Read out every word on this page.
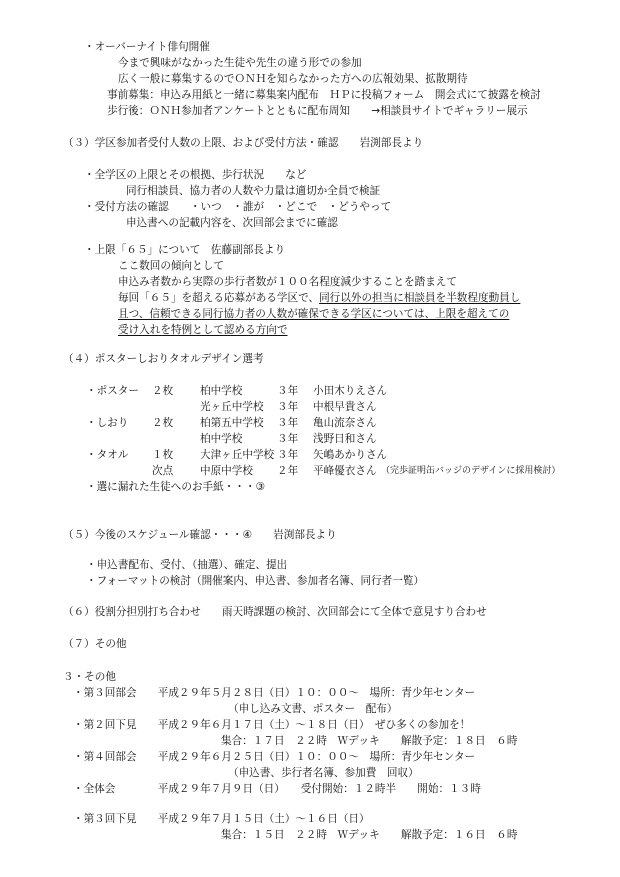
・オーバーナイト俳句開催
今まで興味がなかった生徒や先生の違う形での参加
広く一般に募集するのでＯＮＨを知らなかった方への広報効果、拡散期待
事前募集：申込み用紙と一緒に募集案内配布　ＨＰに投稿フォーム　開会式にて披露を検討
歩行後：ＯＮＨ参加者アンケートとともに配布周知　　→相談員サイトでギャラリー展示
（３）学区参加者受付人数の上限、および受付方法・確認　　岩渕部長より
・全学区の上限とその根拠、歩行状況　　など
同行相談員、協力者の人数や力量は適切か全員で検証
・受付方法の確認　　・いつ　・誰が　・どこで　・どうやって
申込書への記載内容を、次回部会までに確認
・上限「６５」について　佐藤副部長より
ここ数回の傾向として
申込み者数から実際の歩行者数が１００名程度減少することを踏まえて
毎回「６５」を超える応募がある学区で、同行以外の担当に相談員を半数程度動員し
且つ、信頼できる同行協力者の人数が確保できる学区については、上限を超えての
受け入れを特例として認める方向で
（４）ポスターしおりタオルデザイン選考
・ポスター ２枚	柏中学校	３年 小田木りえさん
光ヶ丘中学校 ３年 中根早貴さん
・しおり ２枚	柏第五中学校 ３年 亀山流奈さん
柏中学校	３年 浅野日和さん
・タオル １枚	大津ヶ丘中学校 ３年 矢嶋あかりさん
次点	中原中学校 ２年 平峰優衣さん （完歩証明缶バッジのデザインに採用検討）
・選に漏れた生徒へのお手紙・・・③
（５）今後のスケジュール確認・・・④　　岩渕部長より
・申込書配布、受付、（抽選）、確定、提出
・フォーマットの検討（開催案内、申込書、参加者名簿、同行者一覧）
（６）役割分担別打ち合わせ　　雨天時課題の検討、次回部会にて全体で意見すり合わせ
（７）その他
３・その他
・第３回部会　　平成２９年５月２８日（日）１０：００～　場所：青少年センター
（申し込み文書、ポスター　配布）
・第２回下見　　平成２９年６月１７日（土）～１８日（日）　ぜひ多くの参加を！
集合：１７日　２２時　Ｗデッキ　　解散予定：１８日　６時
・第４回部会　　平成２９年６月２５日（日）１０：００～　場所：青少年センター
（申込書、歩行者名簿、参加費　回収）
・全体会　　　　平成２９年７月９日（日）　　受付開始：１２時半　　開始：１３時
・第３回下見　　平成２９年７月１５日（土）～１６日（日）
集合：１５日　２２時　Ｗデッキ　　解散予定：１６日　６時
